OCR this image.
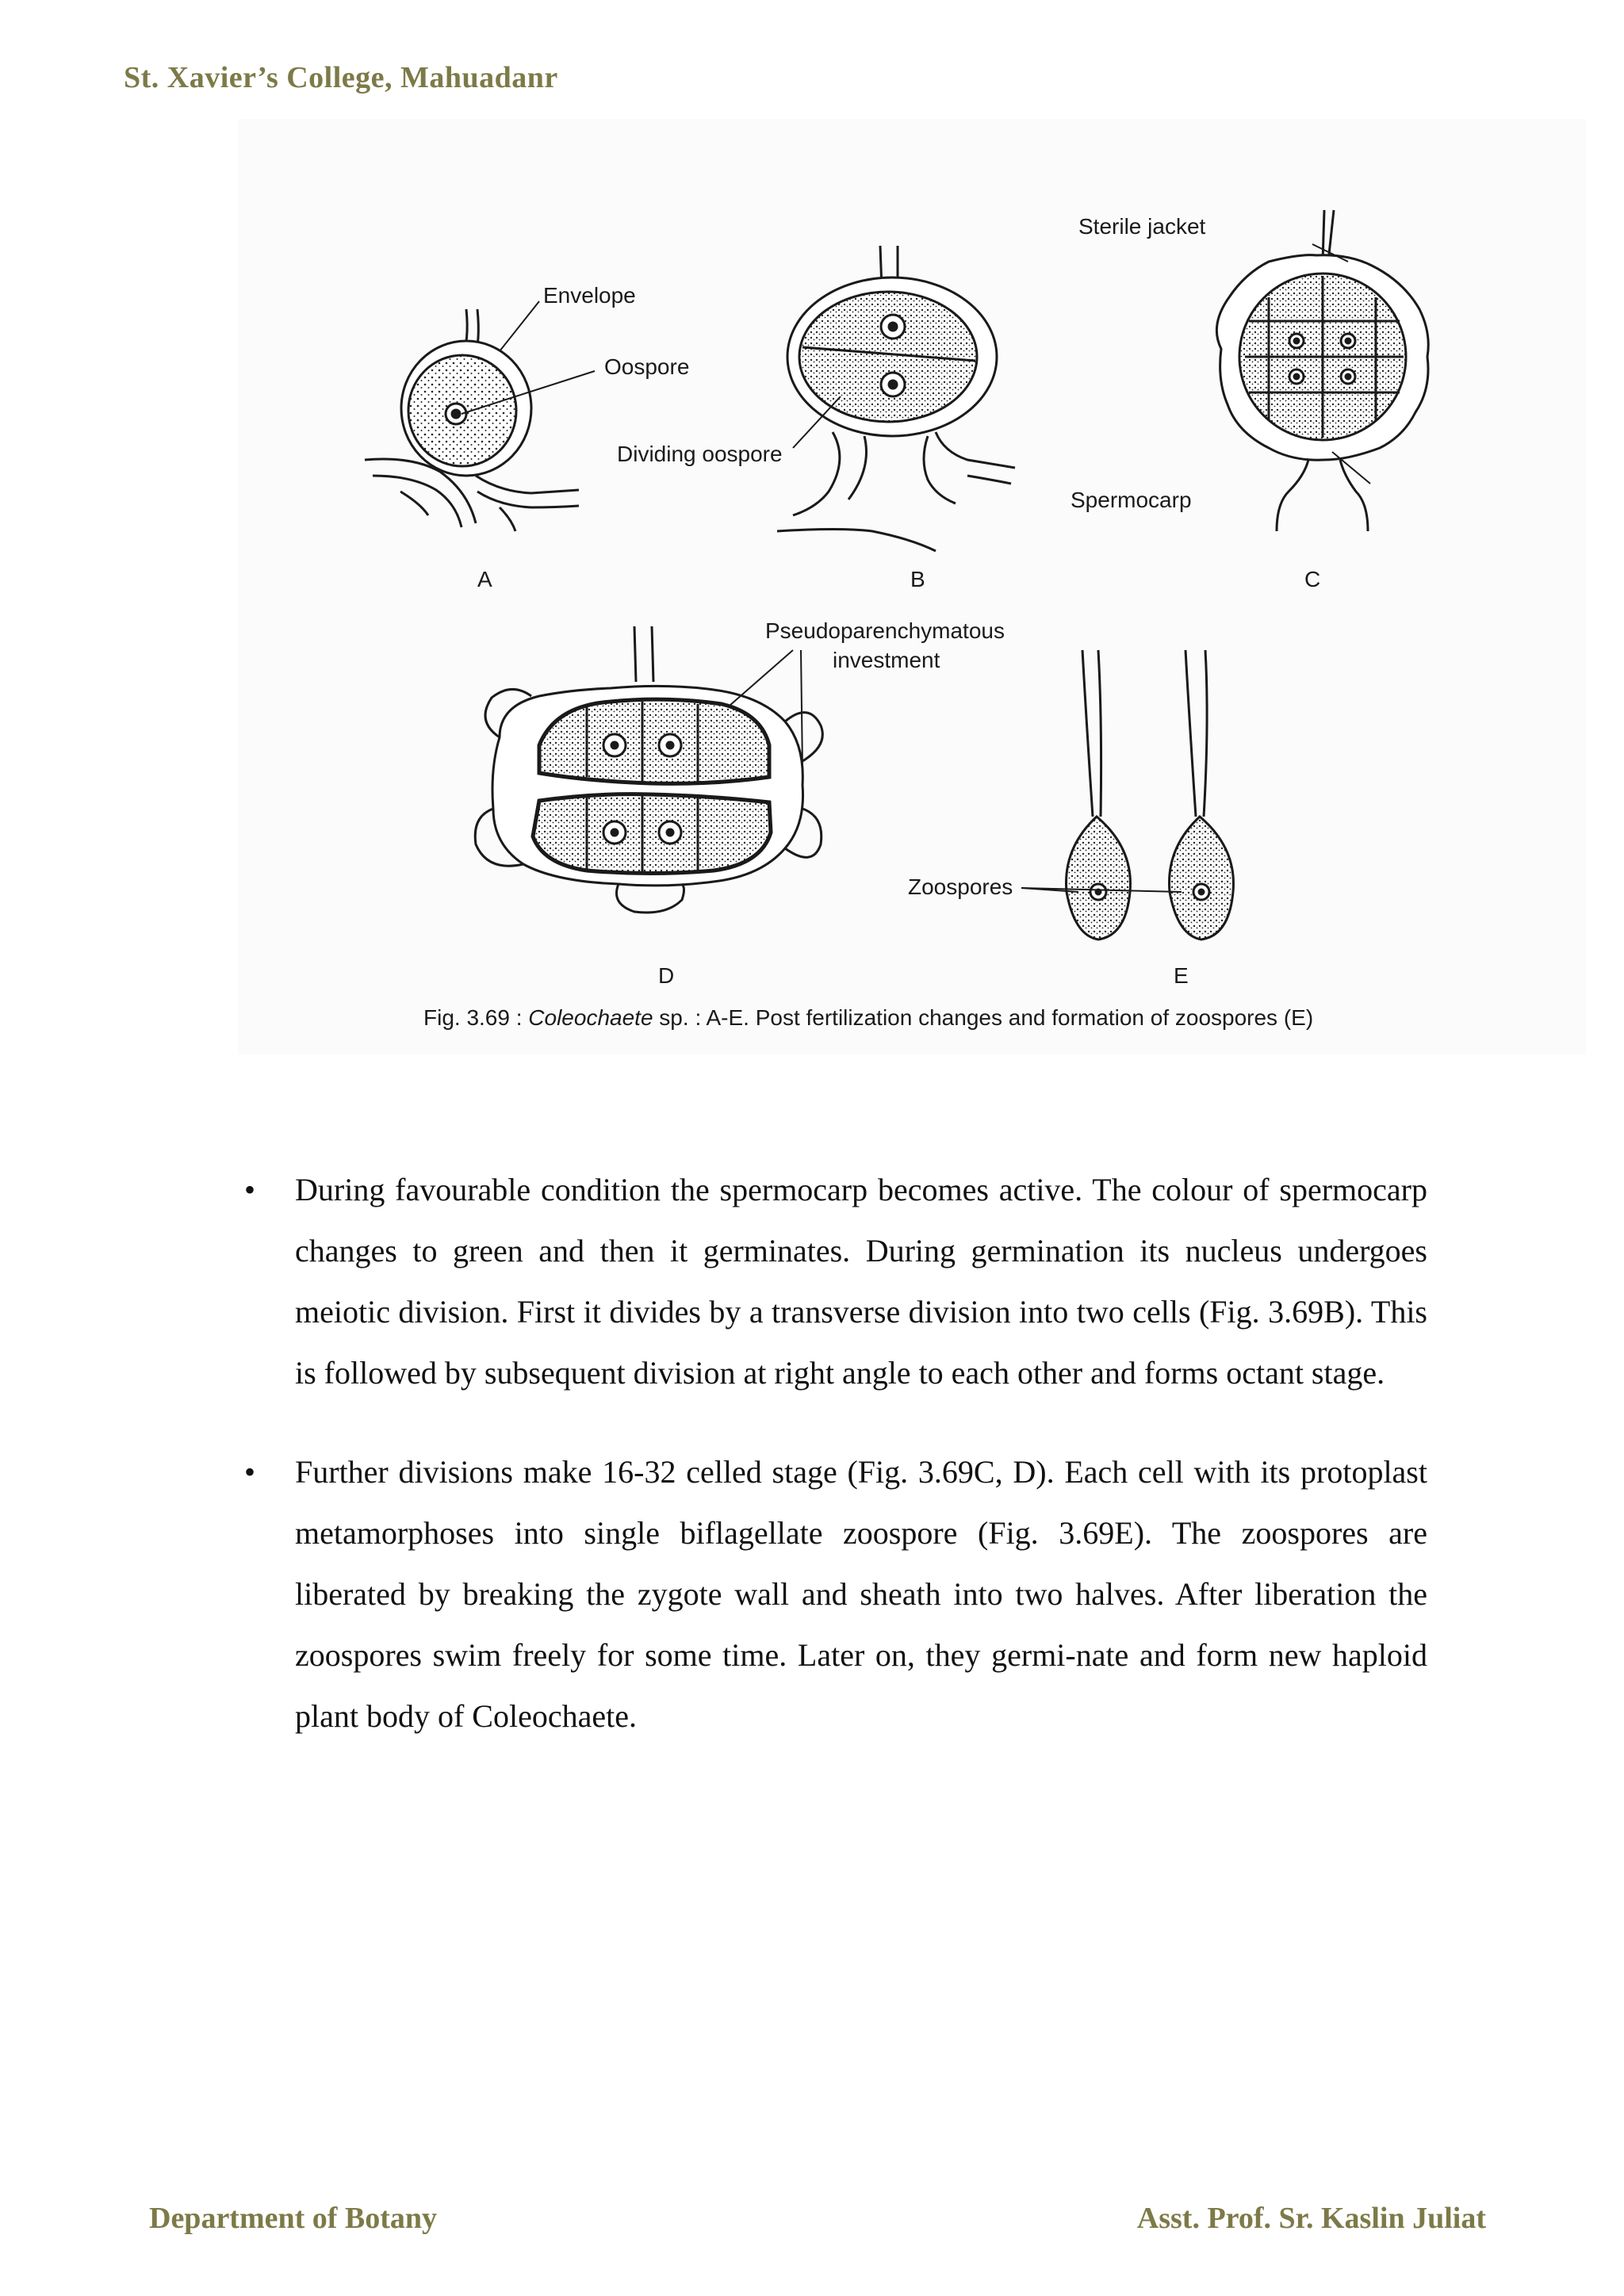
St. Xavier’s College, Mahuadanr
Envelope
Oospore
A
Dividing oospore
B
Sterile jacket
Spermocarp
C
Pseudoparenchymatous
investment
D
Zoospores
E
Fig. 3.69 : Coleochaete sp. : A-E. Post fertilization changes and formation of zoospores (E)
• During favourable condition the spermocarp becomes active. The colour of spermocarp changes to green and then it germinates. During germination its nucleus undergoes meiotic division. First it divides by a transverse division into two cells (Fig. 3.69B). This is followed by subsequent division at right angle to each other and forms octant stage.
• Further divisions make 16-32 celled stage (Fig. 3.69C, D). Each cell with its protoplast metamorphoses into single biflagellate zoospore (Fig. 3.69E). The zoospores are liberated by breaking the zygote wall and sheath into two halves. After liberation the zoospores swim freely for some time. Later on, they germi-nate and form new haploid plant body of Coleochaete.
Department of Botany	Asst. Prof. Sr. Kaslin Juliat
